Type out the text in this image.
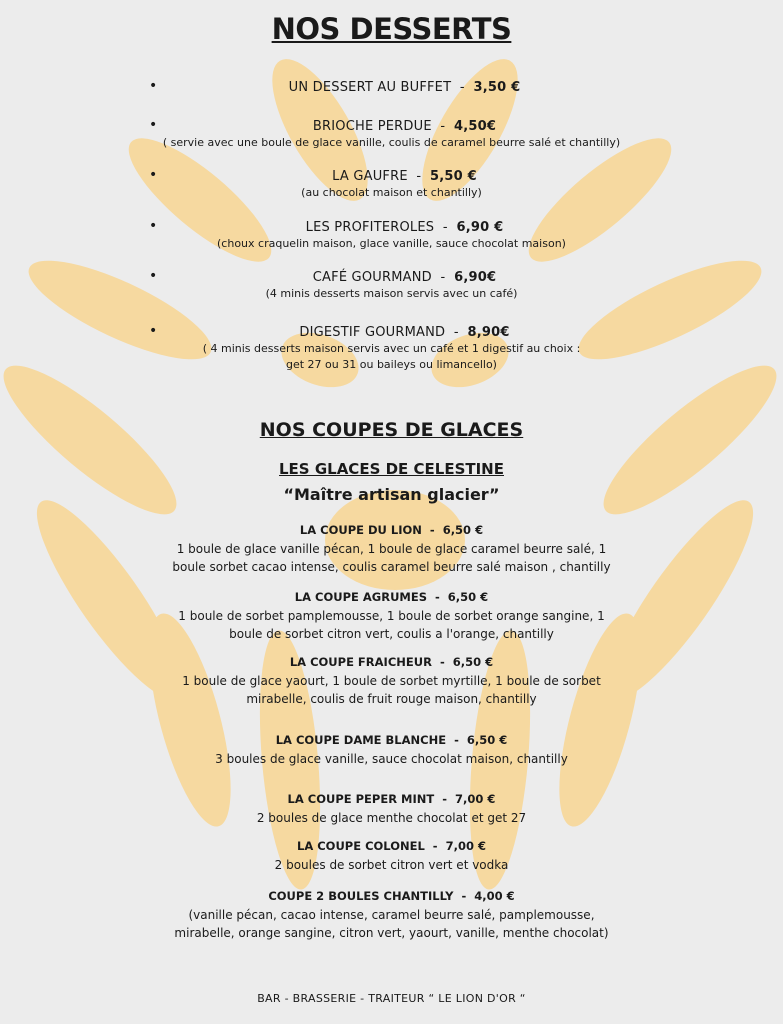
NOS DESSERTS
•	UN DESSERT AU BUFFET  -  3,50 €
•	BRIOCHE PERDUE  -  4,50€
( servie avec une boule de glace vanille, coulis de caramel beurre salé et chantilly)
•	LA GAUFRE  -  5,50 €
(au chocolat maison et chantilly)
•	LES PROFITEROLES  -  6,90 €
(choux craquelin maison, glace vanille, sauce chocolat maison)
•	CAFÉ GOURMAND  -  6,90€
(4 minis desserts maison servis avec un café)
•	DIGESTIF GOURMAND  -  8,90€
( 4 minis desserts maison servis avec un café et 1 digestif au choix :
get 27 ou 31 ou baileys ou limancello)
NOS COUPES DE GLACES
LES GLACES DE CELESTINE
“Maître artisan glacier”
LA COUPE DU LION  -  6,50 €
1 boule de glace vanille pécan, 1 boule de glace caramel beurre salé, 1
boule sorbet cacao intense, coulis caramel beurre salé maison , chantilly
LA COUPE AGRUMES  -  6,50 €
1 boule de sorbet pamplemousse, 1 boule de sorbet orange sangine, 1
boule de sorbet citron vert, coulis a l'orange, chantilly
LA COUPE FRAICHEUR  -  6,50 €
1 boule de glace yaourt, 1 boule de sorbet myrtille, 1 boule de sorbet
mirabelle, coulis de fruit rouge maison, chantilly
LA COUPE DAME BLANCHE  -  6,50 €
3 boules de glace vanille, sauce chocolat maison, chantilly
LA COUPE PEPER MINT  -  7,00 €
2 boules de glace menthe chocolat et get 27
LA COUPE COLONEL  -  7,00 €
2 boules de sorbet citron vert et vodka
COUPE 2 BOULES CHANTILLY  -  4,00 €
(vanille pécan, cacao intense, caramel beurre salé, pamplemousse,
mirabelle, orange sangine, citron vert, yaourt, vanille, menthe chocolat)
BAR - BRASSERIE - TRAITEUR “ LE LION D'OR “
